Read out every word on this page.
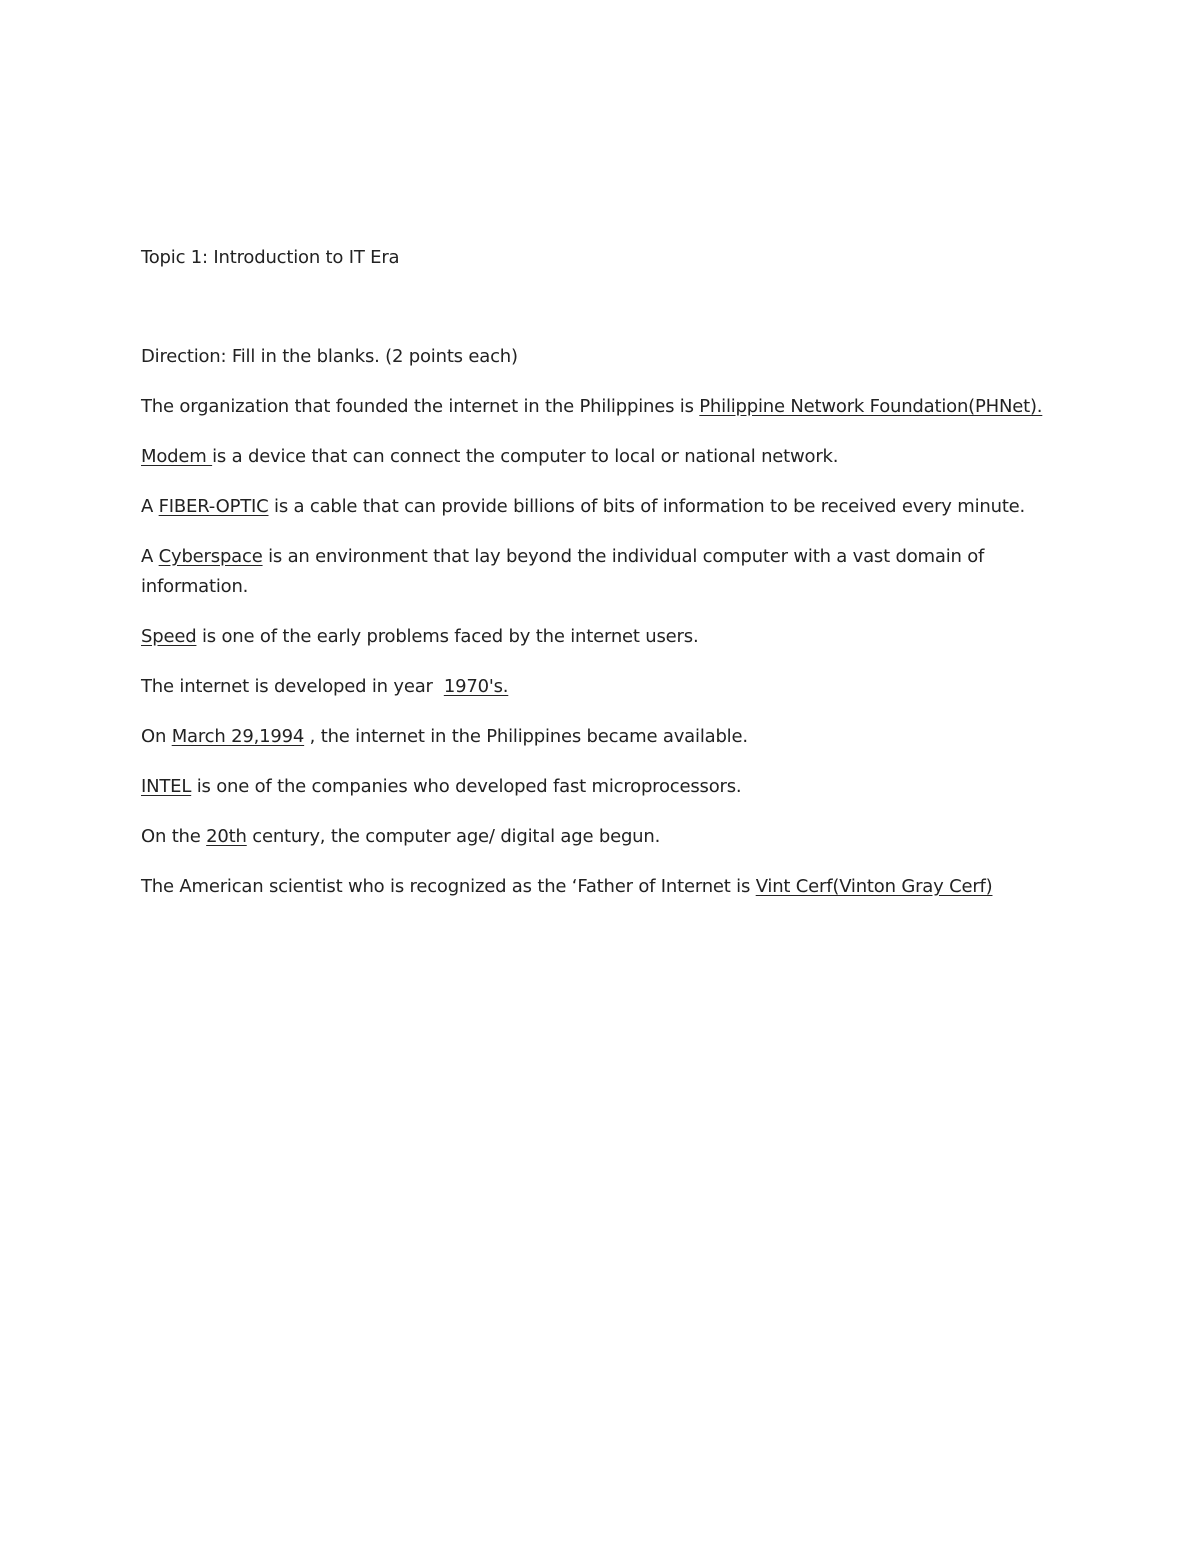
Topic 1: Introduction to IT Era
Direction: Fill in the blanks. (2 points each)
The organization that founded the internet in the Philippines is Philippine Network Foundation(PHNet).
Modem is a device that can connect the computer to local or national network.
A FIBER-OPTIC is a cable that can provide billions of bits of information to be received every minute.
A Cyberspace is an environment that lay beyond the individual computer with a vast domain of information.
Speed is one of the early problems faced by the internet users.
The internet is developed in year  1970's.
On March 29,1994 , the internet in the Philippines became available.
INTEL is one of the companies who developed fast microprocessors.
On the 20th century, the computer age/ digital age begun.
The American scientist who is recognized as the ‘Father of Internet is Vint Cerf(Vinton Gray Cerf)
